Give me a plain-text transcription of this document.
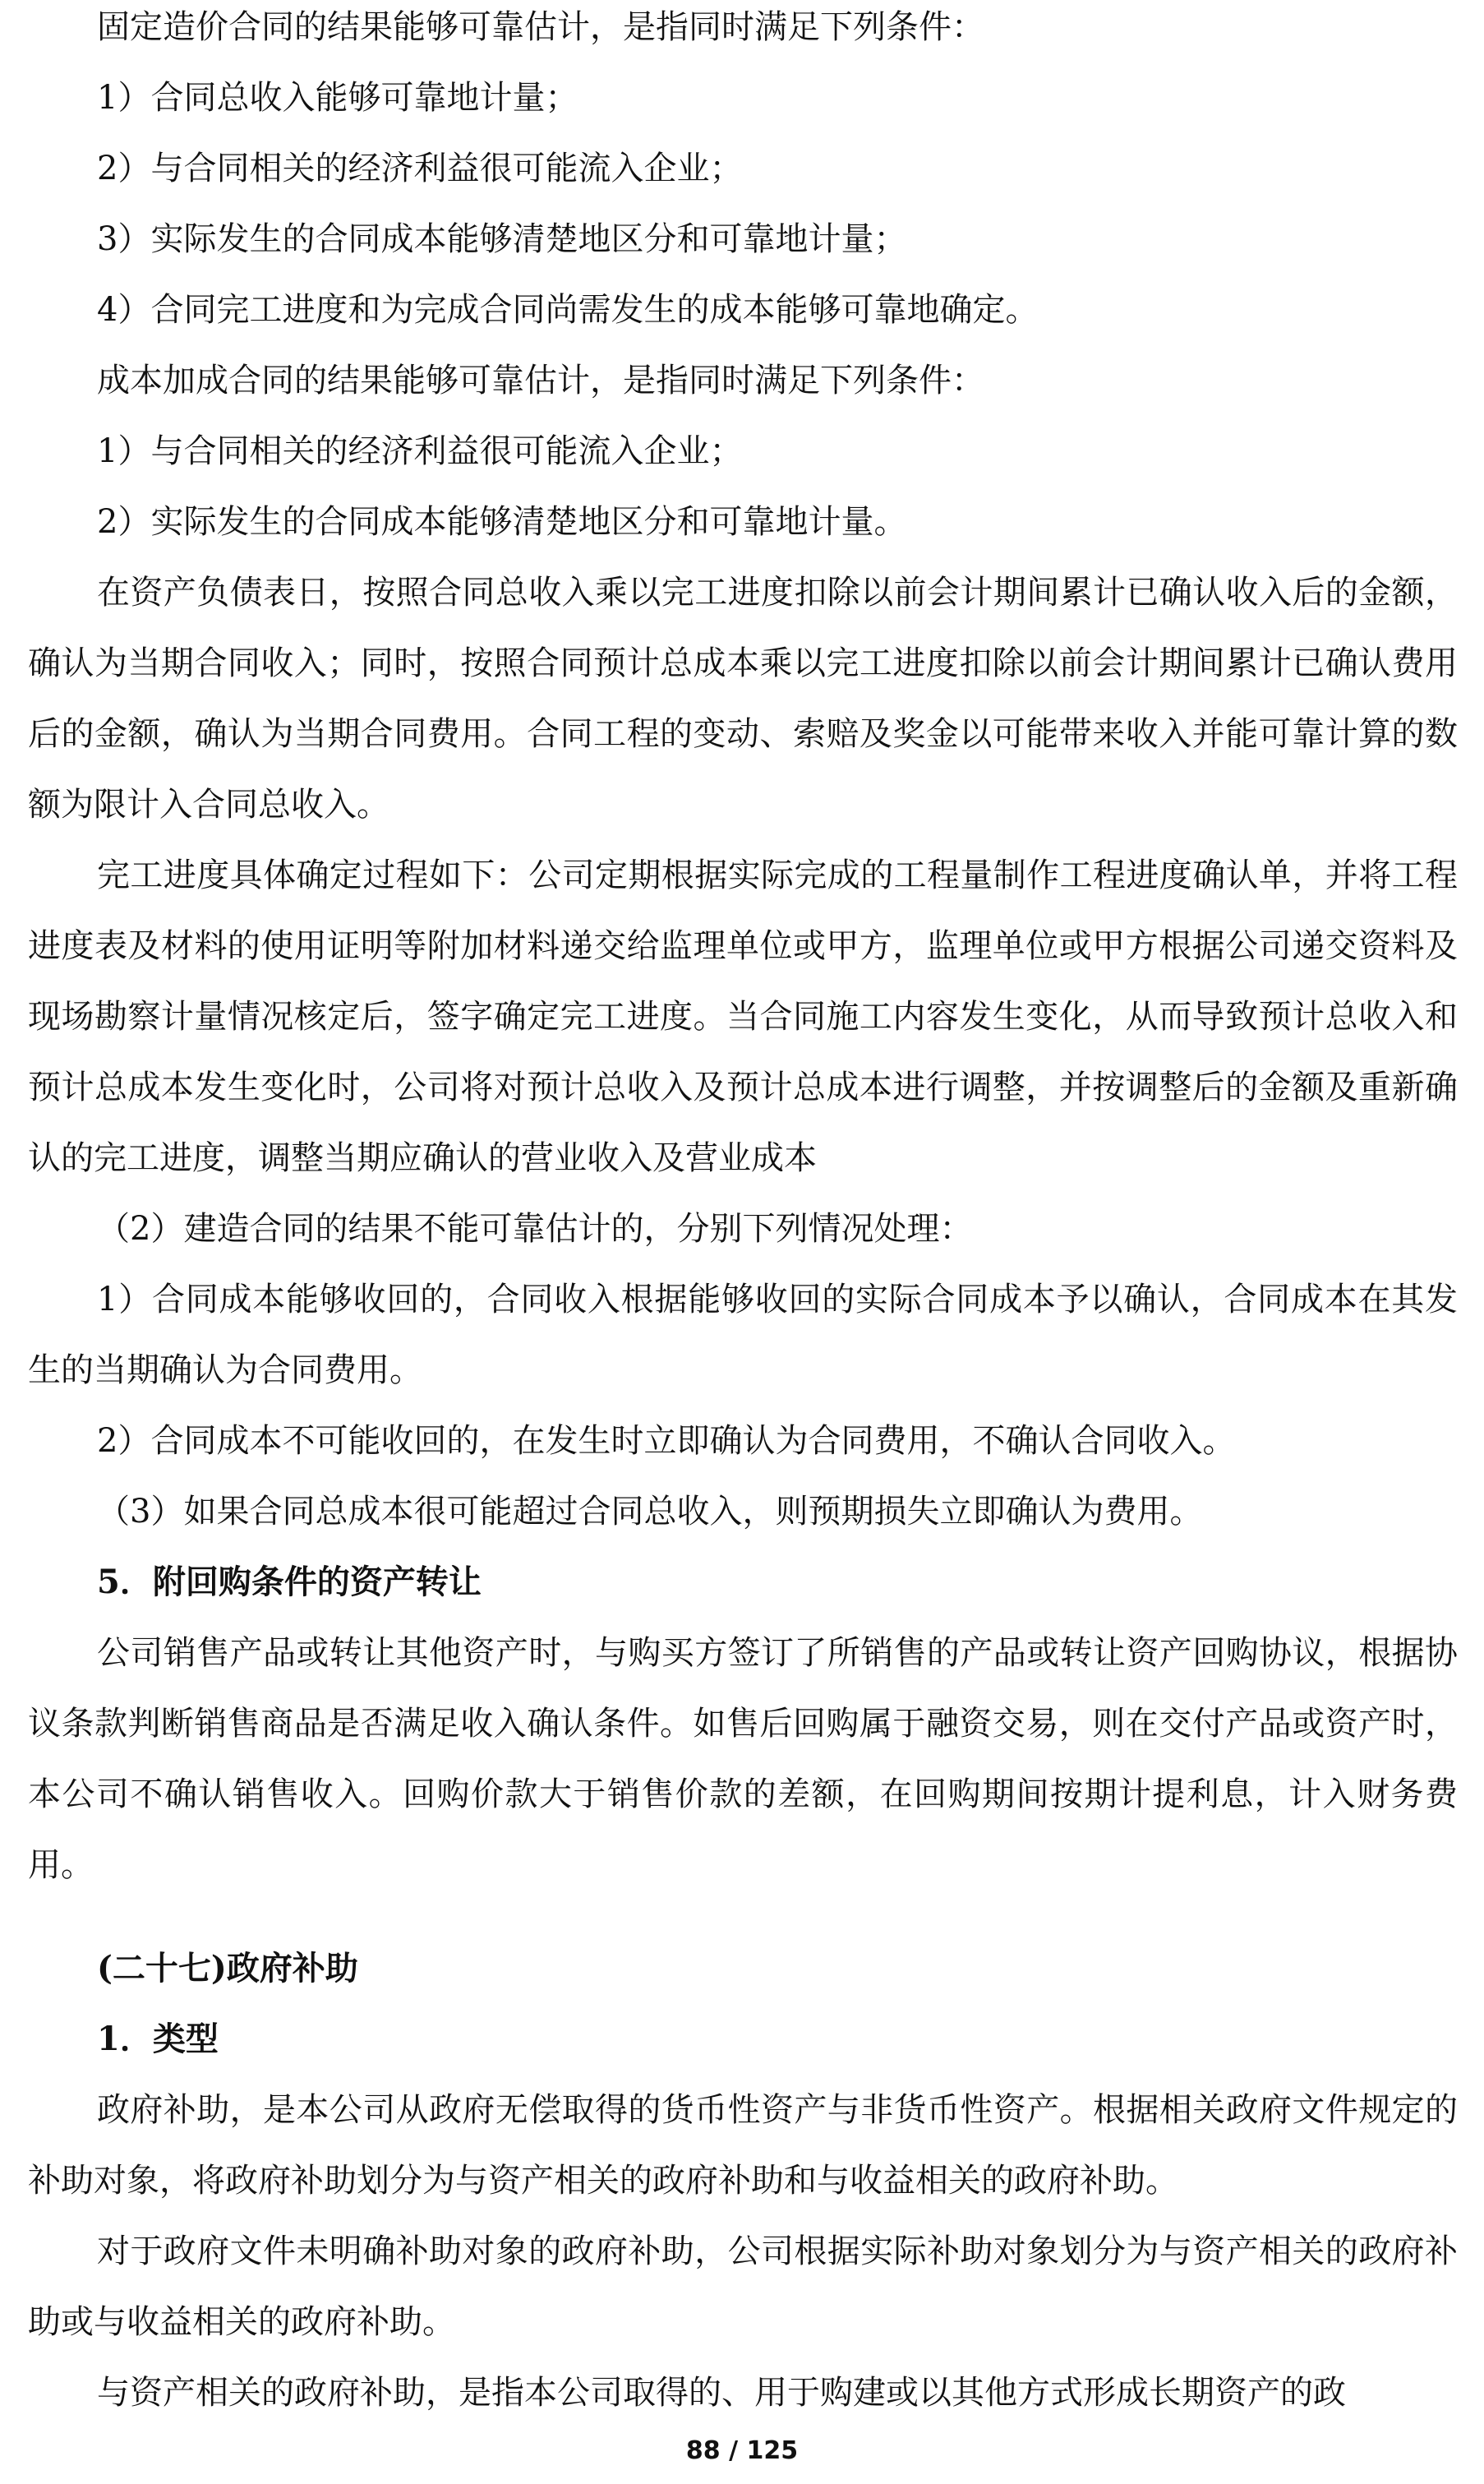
固定造价合同的结果能够可靠估计，是指同时满足下列条件：

1）合同总收入能够可靠地计量；

2）与合同相关的经济利益很可能流入企业；

3）实际发生的合同成本能够清楚地区分和可靠地计量；

4）合同完工进度和为完成合同尚需发生的成本能够可靠地确定。

成本加成合同的结果能够可靠估计，是指同时满足下列条件：

1）与合同相关的经济利益很可能流入企业；

2）实际发生的合同成本能够清楚地区分和可靠地计量。

在资产负债表日，按照合同总收入乘以完工进度扣除以前会计期间累计已确认收入后的金额，确认为当期合同收入；同时，按照合同预计总成本乘以完工进度扣除以前会计期间累计已确认费用后的金额，确认为当期合同费用。合同工程的变动、索赔及奖金以可能带来收入并能可靠计算的数额为限计入合同总收入。

完工进度具体确定过程如下：公司定期根据实际完成的工程量制作工程进度确认单，并将工程进度表及材料的使用证明等附加材料递交给监理单位或甲方，监理单位或甲方根据公司递交资料及现场勘察计量情况核定后，签字确定完工进度。当合同施工内容发生变化，从而导致预计总收入和预计总成本发生变化时，公司将对预计总收入及预计总成本进行调整，并按调整后的金额及重新确认的完工进度，调整当期应确认的营业收入及营业成本

（2）建造合同的结果不能可靠估计的，分别下列情况处理：

1）合同成本能够收回的，合同收入根据能够收回的实际合同成本予以确认，合同成本在其发生的当期确认为合同费用。

2）合同成本不可能收回的，在发生时立即确认为合同费用，不确认合同收入。

（3）如果合同总成本很可能超过合同总收入，则预期损失立即确认为费用。

5．附回购条件的资产转让

公司销售产品或转让其他资产时，与购买方签订了所销售的产品或转让资产回购协议，根据协议条款判断销售商品是否满足收入确认条件。如售后回购属于融资交易，则在交付产品或资产时，本公司不确认销售收入。回购价款大于销售价款的差额，在回购期间按期计提利息，计入财务费用。

(二十七)政府补助

1．类型

政府补助，是本公司从政府无偿取得的货币性资产与非货币性资产。根据相关政府文件规定的补助对象，将政府补助划分为与资产相关的政府补助和与收益相关的政府补助。

对于政府文件未明确补助对象的政府补助，公司根据实际补助对象划分为与资产相关的政府补助或与收益相关的政府补助。

与资产相关的政府补助，是指本公司取得的、用于购建或以其他方式形成长期资产的政

88 / 125
